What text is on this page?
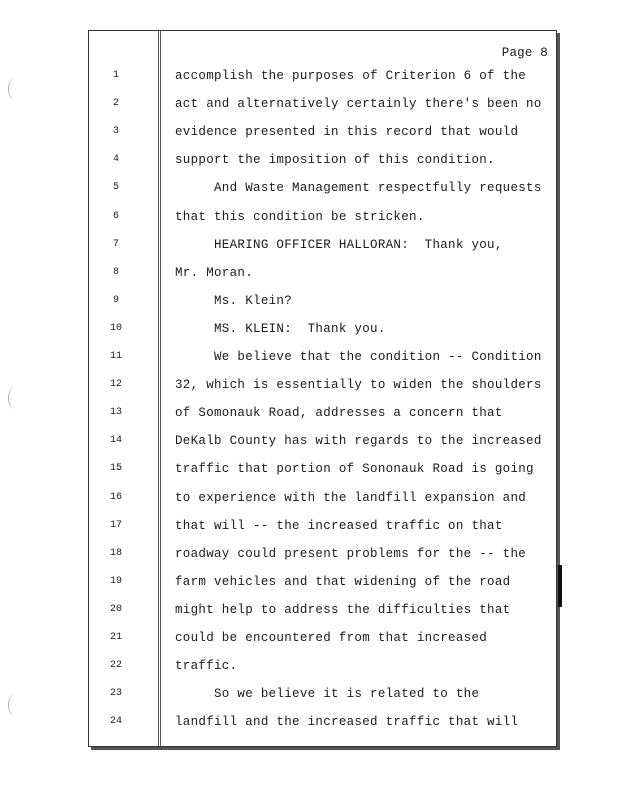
Page 8
1	accomplish the purposes of Criterion 6 of the
2	act and alternatively certainly there's been no
3	evidence presented in this record that would
4	support the imposition of this condition.
5	And Waste Management respectfully requests
6	that this condition be stricken.
7	HEARING OFFICER HALLORAN:  Thank you,
8	Mr. Moran.
9	Ms. Klein?
10	MS. KLEIN:  Thank you.
11	We believe that the condition -- Condition
12	32, which is essentially to widen the shoulders
13	of Somonauk Road, addresses a concern that
14	DeKalb County has with regards to the increased
15	traffic that portion of Sononauk Road is going
16	to experience with the landfill expansion and
17	that will -- the increased traffic on that
18	roadway could present problems for the -- the
19	farm vehicles and that widening of the road
20	might help to address the difficulties that
21	could be encountered from that increased
22	traffic.
23	So we believe it is related to the
24	landfill and the increased traffic that will
